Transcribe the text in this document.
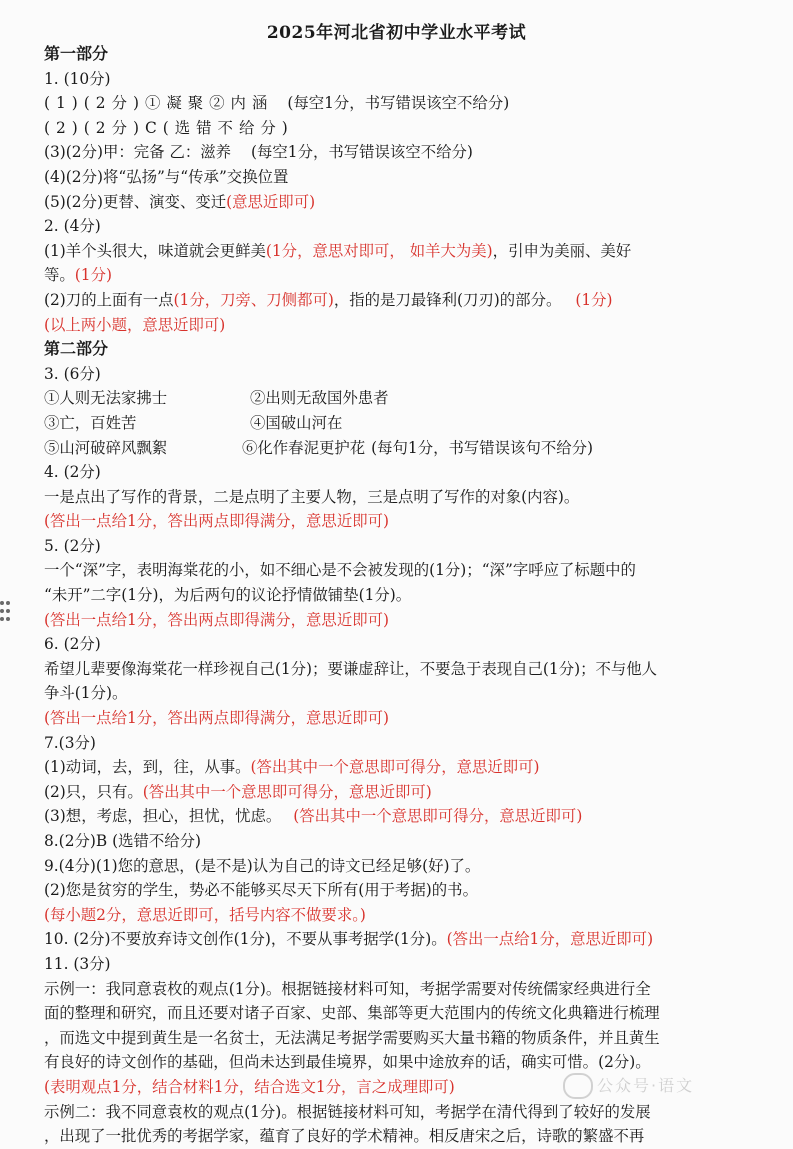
2025年河北省初中学业水平考试
第一部分
1. (10分)
(1)(2分)①凝聚②内涵 (每空1分，书写错误该空不给分)
(2)(2分)C(选错不给分)
(3)(2分)甲：完备 乙：滋养 (每空1分，书写错误该空不给分)
(4)(2分)将“弘扬”与“传承”交换位置
(5)(2分)更替、演变、变迁(意思近即可)
2. (4分)
(1)羊个头很大，味道就会更鲜美(1分，意思对即可， 如羊大为美)，引申为美丽、美好
等。(1分)
(2)刀的上面有一点(1分，刀旁、刀侧都可)，指的是刀最锋利(刀刃)的部分。 (1分)
(以上两小题，意思近即可)
第二部分
3. (6分)
①人则无法家拂士	②出则无敌国外患者
③亡，百姓苦	④国破山河在
⑤山河破碎风飘絮	⑥化作春泥更护花 (每句1分，书写错误该句不给分)
4. (2分)
一是点出了写作的背景，二是点明了主要人物，三是点明了写作的对象(内容)。
(答出一点给1分，答出两点即得满分，意思近即可)
5. (2分)
一个“深”字，表明海棠花的小，如不细心是不会被发现的(1分)；“深”字呼应了标题中的
“未开”二字(1分)，为后两句的议论抒情做铺垫(1分)。
(答出一点给1分，答出两点即得满分，意思近即可)
6. (2分)
希望儿辈要像海棠花一样珍视自己(1分)；要谦虚辞让，不要急于表现自己(1分)；不与他人
争斗(1分)。
(答出一点给1分，答出两点即得满分，意思近即可)
7.(3分)
(1)动词，去，到，往，从事。(答出其中一个意思即可得分，意思近即可)
(2)只，只有。(答出其中一个意思即可得分，意思近即可)
(3)想，考虑，担心，担忧，忧虑。 (答出其中一个意思即可得分，意思近即可)
8.(2分)B (选错不给分)
9.(4分)(1)您的意思，(是不是)认为自己的诗文已经足够(好)了。
(2)您是贫穷的学生，势必不能够买尽天下所有(用于考据)的书。
(每小题2分，意思近即可，括号内容不做要求。)
10. (2分)不要放弃诗文创作(1分)，不要从事考据学(1分)。(答出一点给1分，意思近即可)
11. (3分)
示例一：我同意袁枚的观点(1分)。根据链接材料可知，考据学需要对传统儒家经典进行全
面的整理和研究，而且还要对诸子百家、史部、集部等更大范围内的传统文化典籍进行梳理
，而选文中提到黄生是一名贫士，无法满足考据学需要购买大量书籍的物质条件，并且黄生
有良好的诗文创作的基础，但尚未达到最佳境界，如果中途放弃的话，确实可惜。(2分)。
(表明观点1分，结合材料1分，结合选文1分，言之成理即可)
示例二：我不同意袁枚的观点(1分)。根据链接材料可知，考据学在清代得到了较好的发展
，出现了一批优秀的考据学家，蕴育了良好的学术精神。相反唐宋之后，诗歌的繁盛不再
公众号·语文
